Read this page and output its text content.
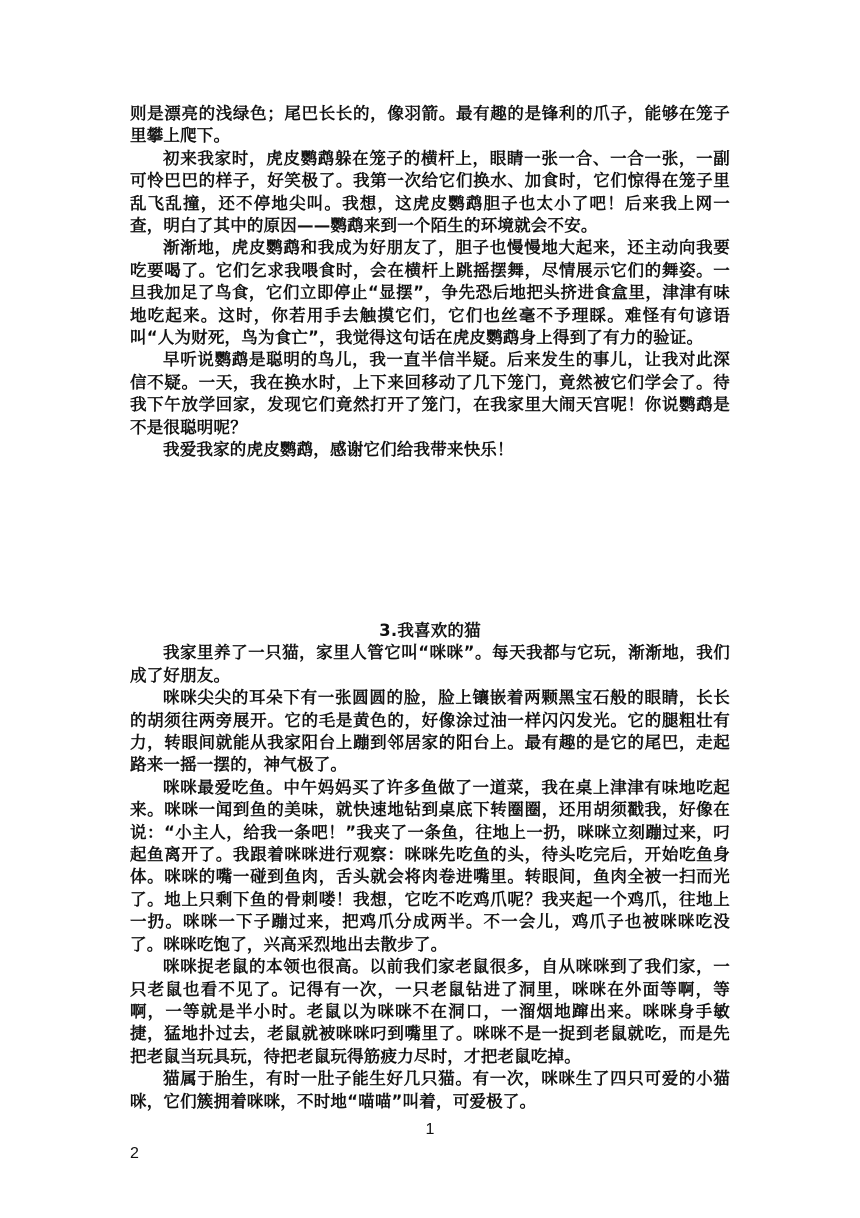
则是漂亮的浅绿色；尾巴长长的，像羽箭。最有趣的是锋利的爪子，能够在笼子里攀上爬下。

初来我家时，虎皮鹦鹉躲在笼子的横杆上，眼睛一张一合、一合一张，一副可怜巴巴的样子，好笑极了。我第一次给它们换水、加食时，它们惊得在笼子里乱飞乱撞，还不停地尖叫。我想，这虎皮鹦鹉胆子也太小了吧！后来我上网一查，明白了其中的原因——鹦鹉来到一个陌生的环境就会不安。

渐渐地，虎皮鹦鹉和我成为好朋友了，胆子也慢慢地大起来，还主动向我要吃要喝了。它们乞求我喂食时，会在横杆上跳摇摆舞，尽情展示它们的舞姿。一旦我加足了鸟食，它们立即停止“显摆”，争先恐后地把头挤进食盒里，津津有味地吃起来。这时，你若用手去触摸它们，它们也丝毫不予理睬。难怪有句谚语叫“人为财死，鸟为食亡”，我觉得这句话在虎皮鹦鹉身上得到了有力的验证。

早听说鹦鹉是聪明的鸟儿，我一直半信半疑。后来发生的事儿，让我对此深信不疑。一天，我在换水时，上下来回移动了几下笼门，竟然被它们学会了。待我下午放学回家，发现它们竟然打开了笼门，在我家里大闹天宫呢！你说鹦鹉是不是很聪明呢？

我爱我家的虎皮鹦鹉，感谢它们给我带来快乐！

3.我喜欢的猫

我家里养了一只猫，家里人管它叫“咪咪”。每天我都与它玩，渐渐地，我们成了好朋友。

咪咪尖尖的耳朵下有一张圆圆的脸，脸上镶嵌着两颗黑宝石般的眼睛，长长的胡须往两旁展开。它的毛是黄色的，好像涂过油一样闪闪发光。它的腿粗壮有力，转眼间就能从我家阳台上蹦到邻居家的阳台上。最有趣的是它的尾巴，走起路来一摇一摆的，神气极了。

咪咪最爱吃鱼。中午妈妈买了许多鱼做了一道菜，我在桌上津津有味地吃起来。咪咪一闻到鱼的美味，就快速地钻到桌底下转圈圈，还用胡须戳我，好像在说：“小主人，给我一条吧！”我夹了一条鱼，往地上一扔，咪咪立刻蹦过来，叼起鱼离开了。我跟着咪咪进行观察：咪咪先吃鱼的头，待头吃完后，开始吃鱼身体。咪咪的嘴一碰到鱼肉，舌头就会将肉卷进嘴里。转眼间，鱼肉全被一扫而光了。地上只剩下鱼的骨刺喽！我想，它吃不吃鸡爪呢？我夹起一个鸡爪，往地上一扔。咪咪一下子蹦过来，把鸡爪分成两半。不一会儿，鸡爪子也被咪咪吃没了。咪咪吃饱了，兴高采烈地出去散步了。

咪咪捉老鼠的本领也很高。以前我们家老鼠很多，自从咪咪到了我们家，一只老鼠也看不见了。记得有一次，一只老鼠钻进了洞里，咪咪在外面等啊，等啊，一等就是半小时。老鼠以为咪咪不在洞口，一溜烟地蹿出来。咪咪身手敏捷，猛地扑过去，老鼠就被咪咪叼到嘴里了。咪咪不是一捉到老鼠就吃，而是先把老鼠当玩具玩，待把老鼠玩得筋疲力尽时，才把老鼠吃掉。

猫属于胎生，有时一肚子能生好几只猫。有一次，咪咪生了四只可爱的小猫咪，它们簇拥着咪咪，不时地“喵喵”叫着，可爱极了。

1
2
